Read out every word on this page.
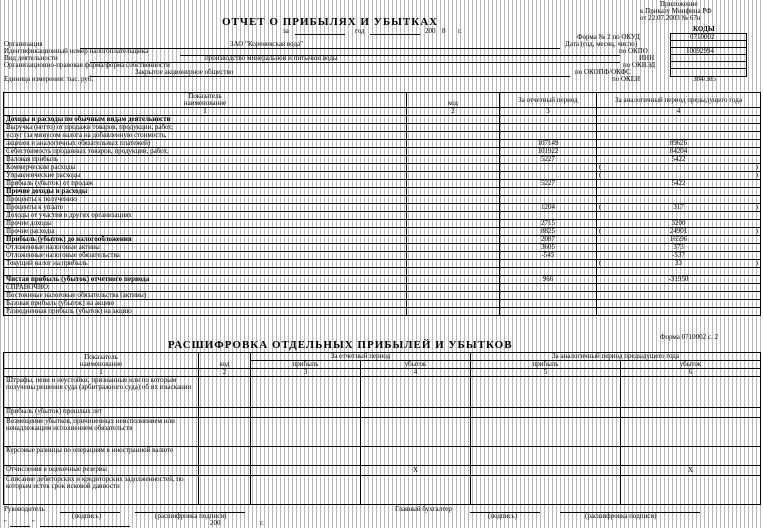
Приложение
к Приказу Минфина РФ
от 22.07.2003 № 67н
ОТЧЕТ О ПРИБЫЛЯХ И УБЫТКАХ
за	год	200 8 г.	КОДЫ
Форма № 2 по ОКУД	0710002
Дата (год, месяц, число)
по ОКПО	10092994
ИНН
по ОКВЭД
по ОКОПФ/ОКФС
по ОКЕИ	384/385
Организация	ЗАО "Кореневская вода"
Идентификационный номер налогоплательщика
Вид деятельности	производство минеральной и питьевой воды
Организационно-правовая форма/форма собственности
Закрытое акционерное общество
Единица измерения: тыс. руб.
Показатель
наименование	код	За отчетный период	За аналогичный период предыдущего года
1	2	3	4
Доходы и расходы по обычным видам деятельности			
Выручка (нетто) от продажи товаров, продукции, работ,			
услуг (за минусом налога на добавленную стоимость,			
акцизов и аналогичных обязательных платежей)		107149	89626
Себестоимость проданных товаров, продукции, работ,		101922	84204
Валовая прибыль		5227	5422
Коммерческие расходы			( )

Управленческие расходы			( )

Прибыль (убыток) от продаж		5227	5422
Прочие доходы и расходы			
Проценты к получению			
Проценты к уплате		1204	( 317 )

Доходы от участия в других организациях			
Прочие доходы		2715	3200
Прочие расходы		8825	( 24901 )

Прибыль (убыток) до налогообложения		2087	16596
Отложенные налоговые активы		3605	373
Отложенные налоговые обязательства		-545	-537
Текущий налог на прибыль			( 33 )

Чистая прибыль (убыток) отчетного периода		966	-31950
СПРАВОЧНО:			
Постоянные налоговые обязательства (активы)			
Базовая прибыль (убыток) на акцию			
Разводненная прибыль (убыток) на акцию			
Форма 0710002 с. 2
РАСШИФРОВКА ОТДЕЛЬНЫХ ПРИБЫЛЕЙ И УБЫТКОВ
Показатель
наименование	код	За отчетный период		За аналогичный период предыдущего года	
		прибыль	убыток	прибыль	убыток
1	2	3	4	5	6
Штрафы, пени и неустойки, признанные или по которым получены решения суда (арбитражного суда) об их взыскании					
Прибыль (убыток) прошлых лет					
Возмещение убытков, причиненных неисполнением или ненадлежащим исполнением обязательств					
Курсовые разницы по операциям в иностранной валюте					
Отчисления в оценочные резервы			X		X
Списание дебиторских и кредиторских задолженностей, по которым истек срок исковой давности					
Руководитель
(подпись)	(расшифровка подписи)
Главный бухгалтер
(подпись)	(расшифровка подписи)
"	"	200	г.
